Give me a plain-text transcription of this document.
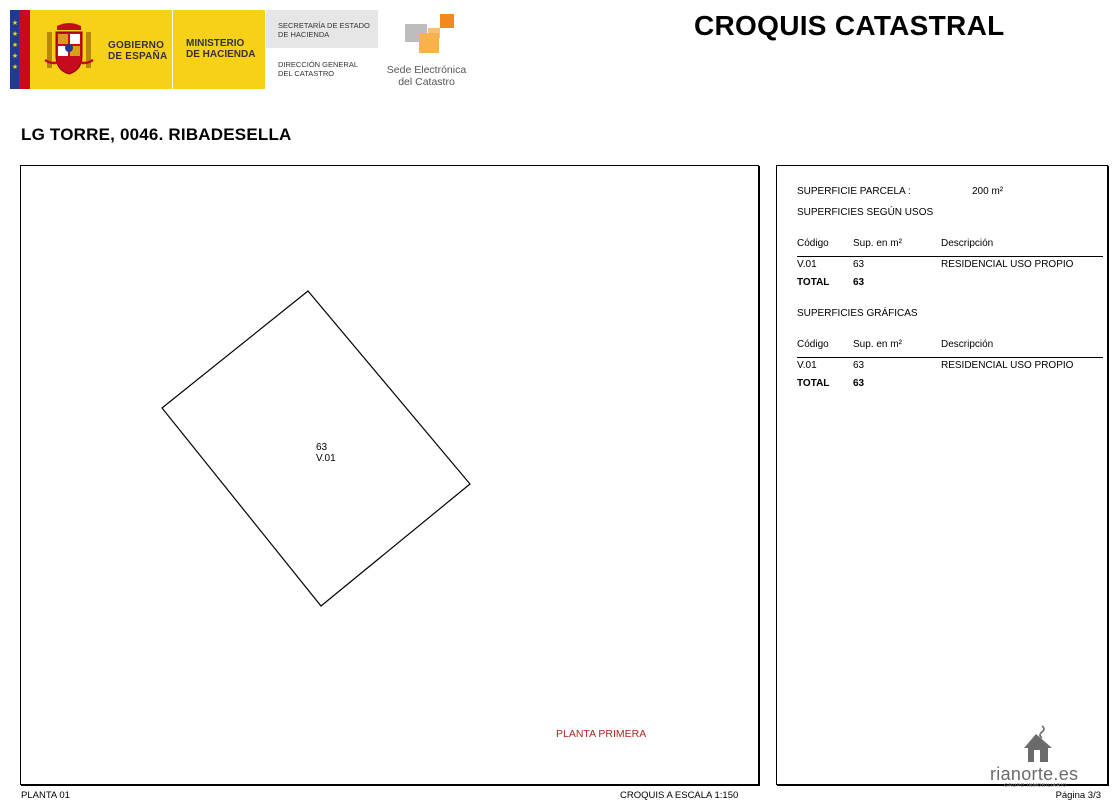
★ ★ ★ ★ ★
GOBIERNO
DE ESPAÑA
MINISTERIO
DE HACIENDA
SECRETARÍA DE ESTADO
DE HACIENDA
DIRECCIÓN GENERAL
DEL CATASTRO	Sede Electrónica
del Catastro
CROQUIS CATASTRAL
LG TORRE, 0046. RIBADESELLA
63
V.01
PLANTA PRIMERA
SUPERFICIE PARCELA :	200 m²
SUPERFICIES SEGÚN USOS
Código Sup. en m²	Descripción
V.01	63	RESIDENCIAL USO PROPIO
TOTAL 63
SUPERFICIES GRÁFICAS
Código Sup. en m²	Descripción
V.01	63	RESIDENCIAL USO PROPIO
TOTAL 63
rianorte.es
GRUPO INMOBILIARIO
PLANTA 01	CROQUIS A ESCALA 1:150	Página 3/3
